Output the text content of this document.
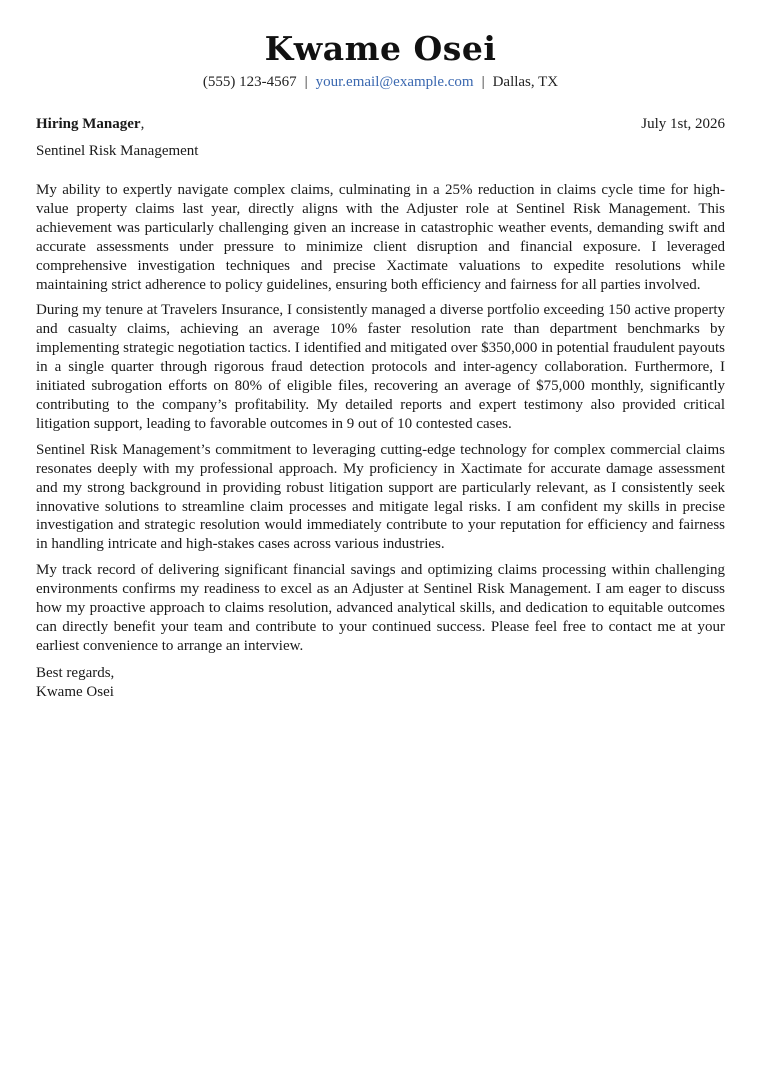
Kwame Osei
(555) 123-4567 | your.email@example.com | Dallas, TX
Hiring Manager,	July 1st, 2026
Sentinel Risk Management

My ability to expertly navigate complex claims, culminating in a 25% reduction in claims cycle time for high-value property claims last year, directly aligns with the Adjuster role at Sentinel Risk Management. This achievement was particularly challenging given an increase in catastrophic weather events, demanding swift and accurate assessments under pressure to minimize client disruption and financial exposure. I leveraged comprehensive investigation techniques and precise Xactimate valuations to expedite resolutions while maintaining strict adherence to policy guidelines, ensuring both efficiency and fairness for all parties involved.

During my tenure at Travelers Insurance, I consistently managed a diverse portfolio exceeding 150 active property and casualty claims, achieving an average 10% faster resolution rate than department benchmarks by implementing strategic negotiation tactics. I identified and mitigated over $350,000 in potential fraudulent payouts in a single quarter through rigorous fraud detection protocols and inter-agency collaboration. Furthermore, I initiated subrogation efforts on 80% of eligible files, recovering an average of $75,000 monthly, significantly contributing to the company’s profitability. My detailed reports and expert testimony also provided critical litigation support, leading to favorable outcomes in 9 out of 10 contested cases.

Sentinel Risk Management’s commitment to leveraging cutting-edge technology for complex commercial claims resonates deeply with my professional approach. My proficiency in Xactimate for accurate damage assessment and my strong background in providing robust litigation support are particularly relevant, as I consistently seek innovative solutions to streamline claim processes and mitigate legal risks. I am confident my skills in precise investigation and strategic resolution would immediately contribute to your reputation for efficiency and fairness in handling intricate and high-stakes cases across various industries.

My track record of delivering significant financial savings and optimizing claims processing within challenging environments confirms my readiness to excel as an Adjuster at Sentinel Risk Management. I am eager to discuss how my proactive approach to claims resolution, advanced analytical skills, and dedication to equitable outcomes can directly benefit your team and contribute to your continued success. Please feel free to contact me at your earliest convenience to arrange an interview.

Best regards,
Kwame Osei
